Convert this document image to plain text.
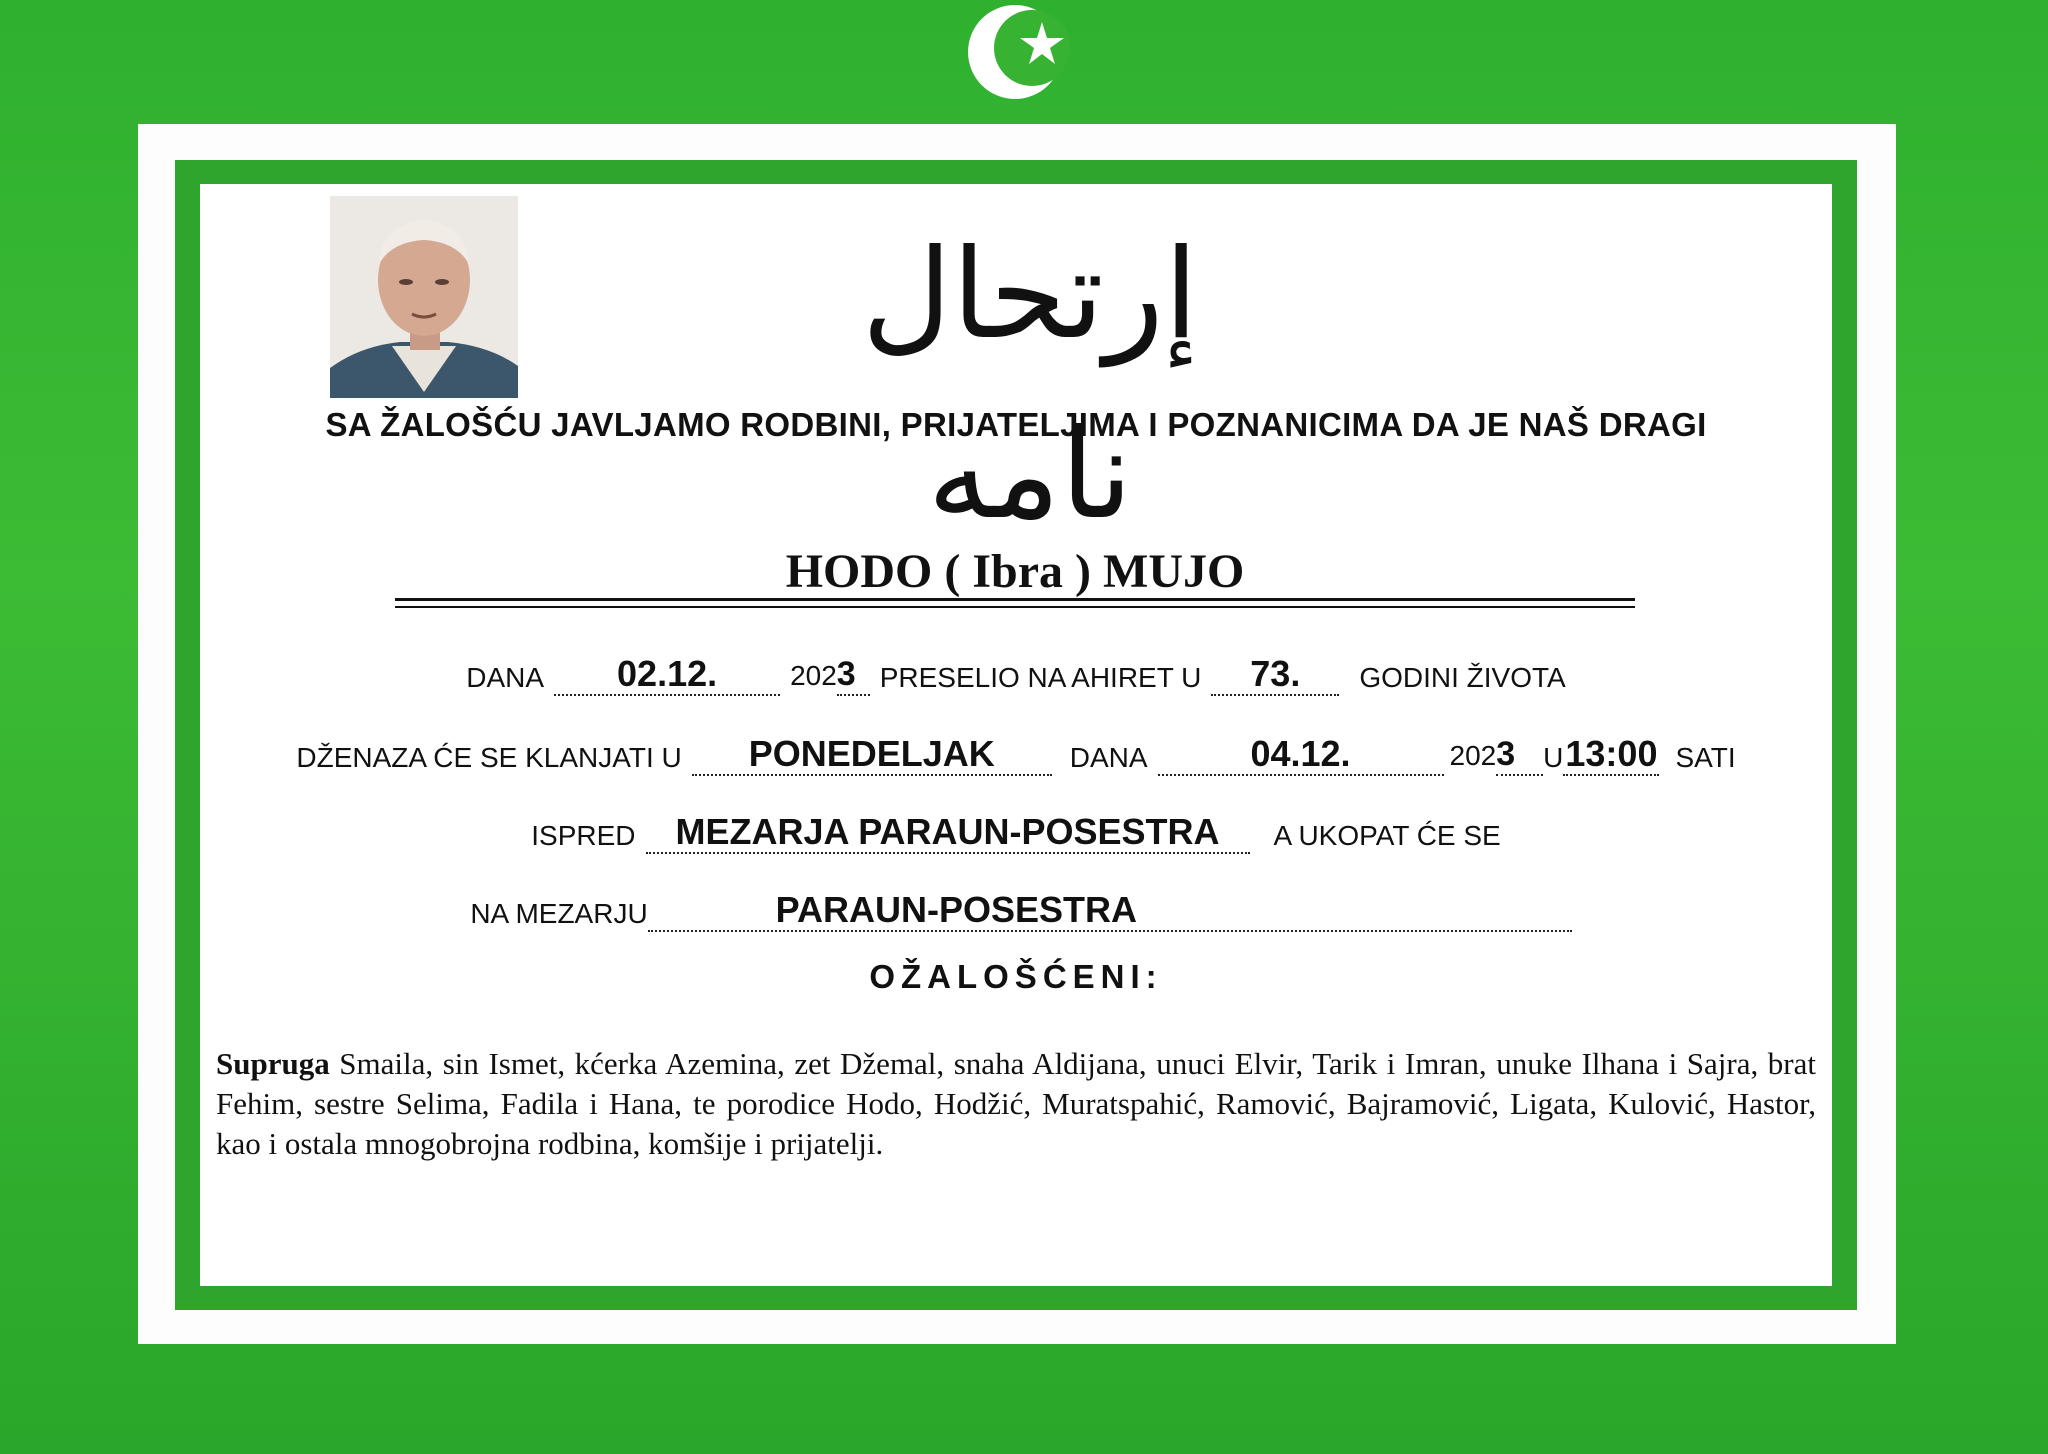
إرتحال نامه
SA ŽALOŠĆU JAVLJAMO RODBINI, PRIJATELJIMA I POZNANICIMA DA JE NAŠ DRAGI
HODO ( Ibra ) MUJO
DANA	02.12.	2023 PRESELIO NA AHIRET U	73.	GODINI ŽIVOTA
DŽENAZA ĆE SE KLANJATI U	PONEDELJAK	DANA	04.12.	2023	U 13:00 SATI
ISPRED	MEZARJA PARAUN-POSESTRA	A UKOPAT ĆE SE
NA MEZARJU	PARAUN-POSESTRA
OŽALOŠĆENI:
Supruga Smaila, sin Ismet, kćerka Azemina, zet Džemal, snaha Aldijana, unuci Elvir, Tarik i Imran, unuke Ilhana i Sajra, brat Fehim, sestre Selima, Fadila i Hana, te porodice Hodo, Hodžić, Muratspahić, Ramović, Bajramović, Ligata, Kulović, Hastor, kao i ostala mnogobrojna rodbina, komšije i prijatelji.
